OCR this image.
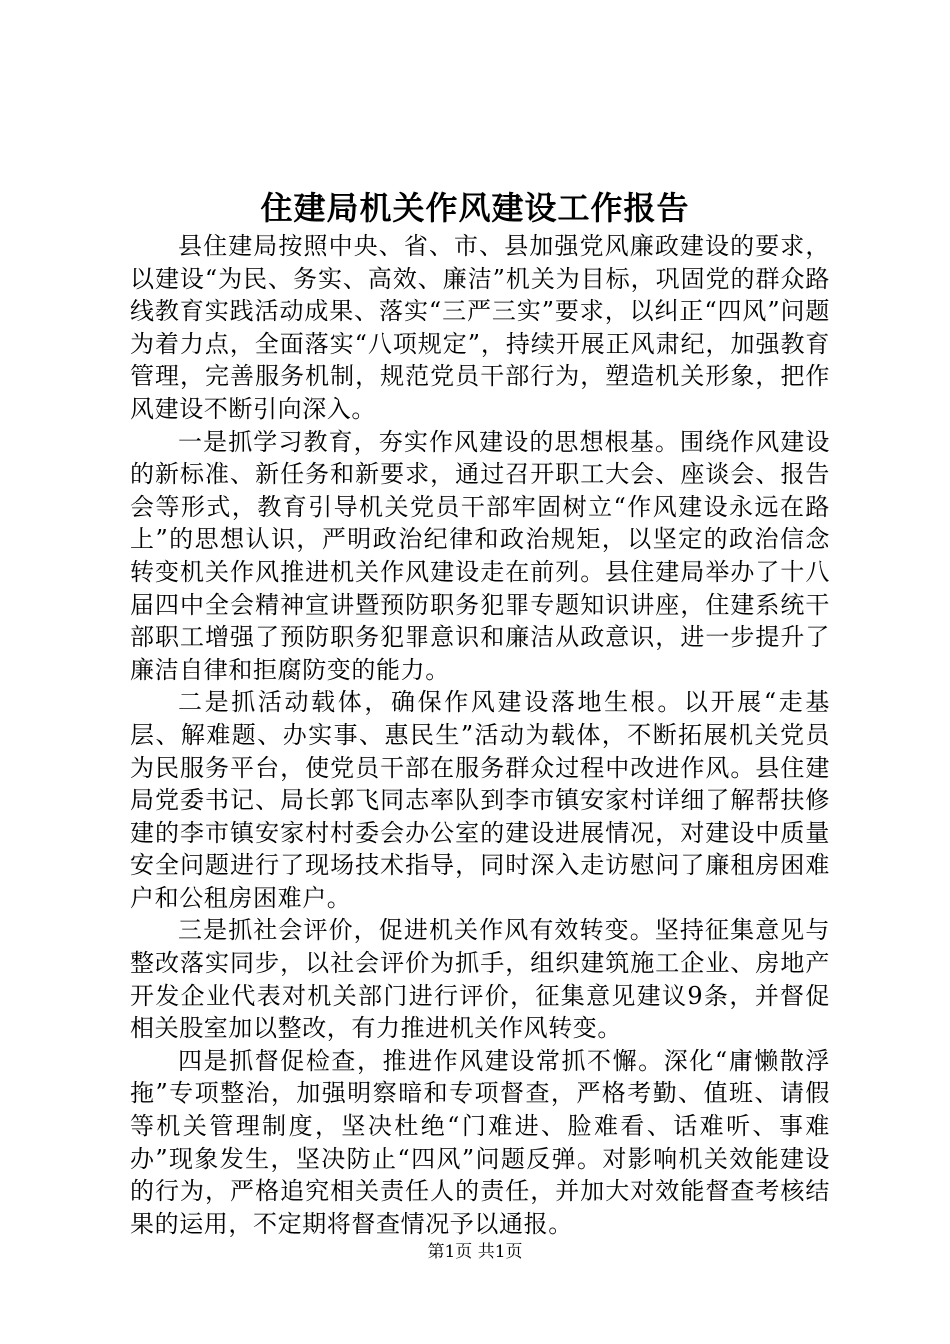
住建局机关作风建设工作报告

县住建局按照中央、省、市、县加强党风廉政建设的要求，以建设“为民、务实、高效、廉洁”机关为目标，巩固党的群众路线教育实践活动成果、落实“三严三实”要求，以纠正“四风”问题为着力点，全面落实“八项规定”，持续开展正风肃纪，加强教育管理，完善服务机制，规范党员干部行为，塑造机关形象，把作风建设不断引向深入。

一是抓学习教育，夯实作风建设的思想根基。围绕作风建设的新标准、新任务和新要求，通过召开职工大会、座谈会、报告会等形式，教育引导机关党员干部牢固树立“作风建设永远在路上”的思想认识，严明政治纪律和政治规矩，以坚定的政治信念转变机关作风推进机关作风建设走在前列。县住建局举办了十八届四中全会精神宣讲暨预防职务犯罪专题知识讲座，住建系统干部职工增强了预防职务犯罪意识和廉洁从政意识，进一步提升了廉洁自律和拒腐防变的能力。

二是抓活动载体，确保作风建设落地生根。以开展“走基层、解难题、办实事、惠民生”活动为载体，不断拓展机关党员为民服务平台，使党员干部在服务群众过程中改进作风。县住建局党委书记、局长郭飞同志率队到李市镇安家村详细了解帮扶修建的李市镇安家村村委会办公室的建设进展情况，对建设中质量安全问题进行了现场技术指导，同时深入走访慰问了廉租房困难户和公租房困难户。

三是抓社会评价，促进机关作风有效转变。坚持征集意见与整改落实同步，以社会评价为抓手，组织建筑施工企业、房地产开发企业代表对机关部门进行评价，征集意见建议9条，并督促相关股室加以整改，有力推进机关作风转变。

四是抓督促检查，推进作风建设常抓不懈。深化“庸懒散浮拖”专项整治，加强明察暗和专项督查，严格考勤、值班、请假等机关管理制度，坚决杜绝“门难进、脸难看、话难听、事难办”现象发生，坚决防止“四风”问题反弹。对影响机关效能建设的行为，严格追究相关责任人的责任，并加大对效能督查考核结果的运用，不定期将督查情况予以通报。

第1页 共1页
